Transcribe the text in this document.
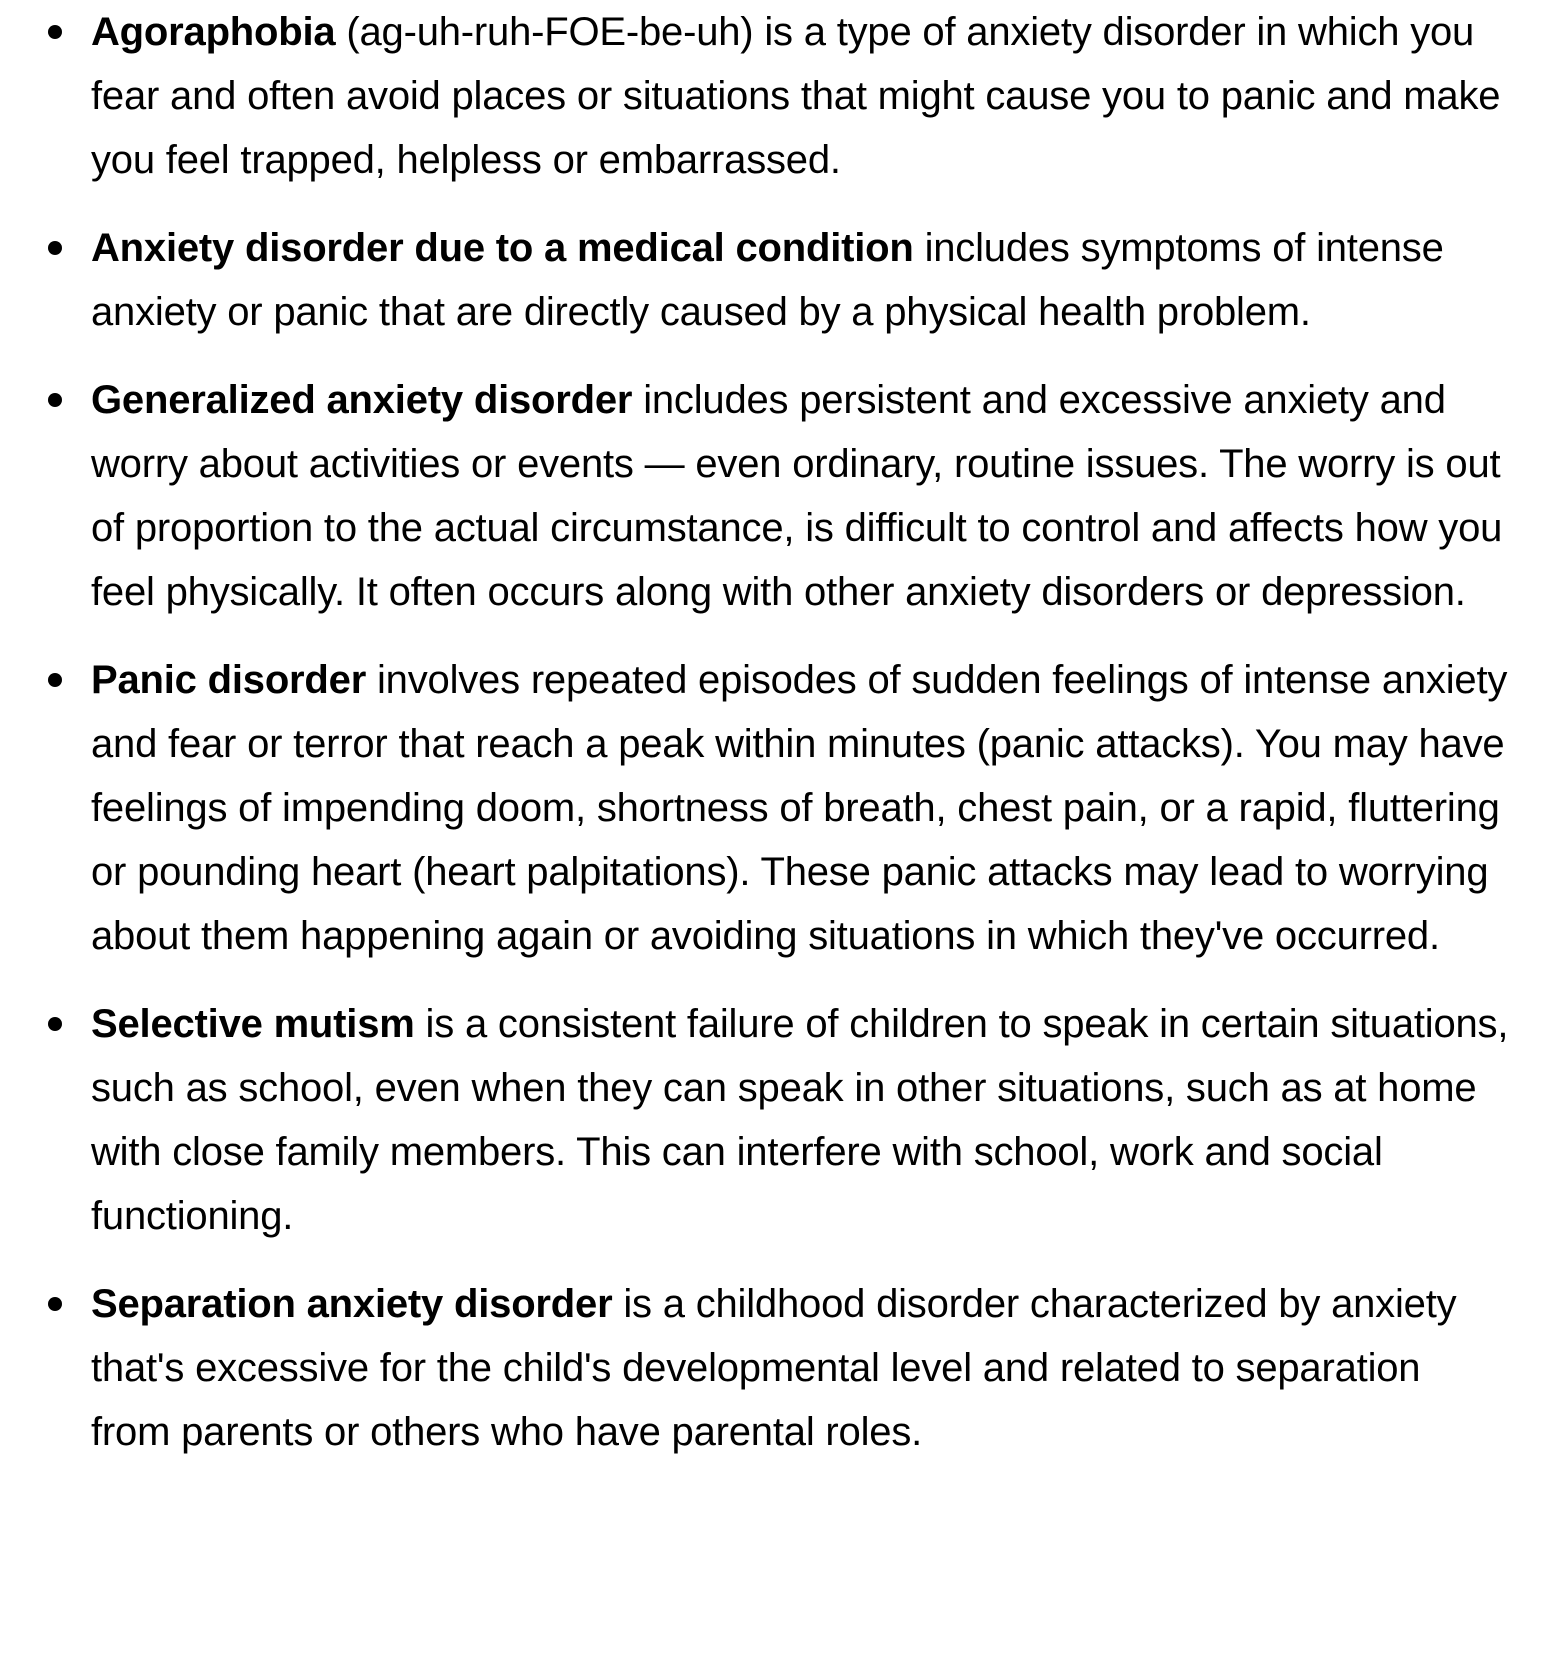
Agoraphobia (ag-uh-ruh-FOE-be-uh) is a type of anxiety disorder in which you fear and often avoid places or situations that might cause you to panic and make you feel trapped, helpless or embarrassed.
Anxiety disorder due to a medical condition includes symptoms of intense anxiety or panic that are directly caused by a physical health problem.
Generalized anxiety disorder includes persistent and excessive anxiety and worry about activities or events — even ordinary, routine issues. The worry is out of proportion to the actual circumstance, is difficult to control and affects how you feel physically. It often occurs along with other anxiety disorders or depression.
Panic disorder involves repeated episodes of sudden feelings of intense anxiety and fear or terror that reach a peak within minutes (panic attacks). You may have feelings of impending doom, shortness of breath, chest pain, or a rapid, fluttering or pounding heart (heart palpitations). These panic attacks may lead to worrying about them happening again or avoiding situations in which they've occurred.
Selective mutism is a consistent failure of children to speak in certain situations, such as school, even when they can speak in other situations, such as at home with close family members. This can interfere with school, work and social functioning.
Separation anxiety disorder is a childhood disorder characterized by anxiety that's excessive for the child's developmental level and related to separation from parents or others who have parental roles.
